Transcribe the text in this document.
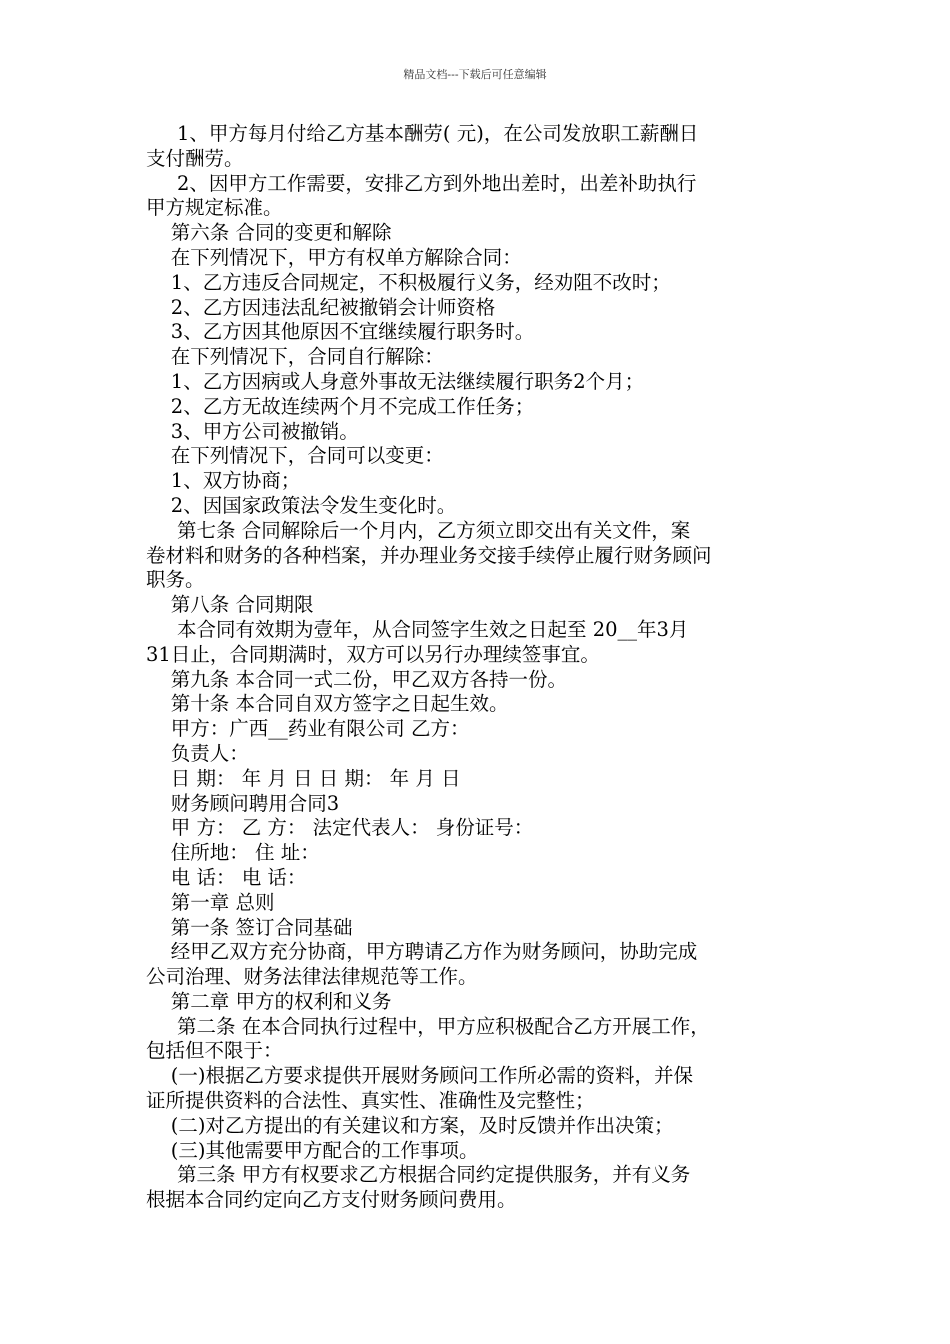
精品文档---下载后可任意编辑
1、甲方每月付给乙方基本酬劳( 元)，在公司发放职工薪酬日
支付酬劳。
2、因甲方工作需要，安排乙方到外地出差时，出差补助执行
甲方规定标准。
第六条 合同的变更和解除
在下列情况下，甲方有权单方解除合同：
1、乙方违反合同规定，不积极履行义务，经劝阻不改时；
2、乙方因违法乱纪被撤销会计师资格
3、乙方因其他原因不宜继续履行职务时。
在下列情况下，合同自行解除：
1、乙方因病或人身意外事故无法继续履行职务2个月；
2、乙方无故连续两个月不完成工作任务；
3、甲方公司被撤销。
在下列情况下，合同可以变更：
1、双方协商；
2、因国家政策法令发生变化时。
第七条 合同解除后一个月内，乙方须立即交出有关文件，案
卷材料和财务的各种档案，并办理业务交接手续停止履行财务顾问
职务。
第八条 合同期限
本合同有效期为壹年，从合同签字生效之日起至 20__年3月
31日止，合同期满时，双方可以另行办理续签事宜。
第九条 本合同一式二份，甲乙双方各持一份。
第十条 本合同自双方签字之日起生效。
甲方：广西__药业有限公司 乙方：
负责人：
日 期： 年 月 日 日 期： 年 月 日
财务顾问聘用合同3
甲 方： 乙 方： 法定代表人： 身份证号：
住所地： 住 址：
电 话： 电 话：
第一章 总则
第一条 签订合同基础
经甲乙双方充分协商，甲方聘请乙方作为财务顾问，协助完成
公司治理、财务法律法律规范等工作。
第二章 甲方的权利和义务
第二条 在本合同执行过程中，甲方应积极配合乙方开展工作，
包括但不限于：
(一)根据乙方要求提供开展财务顾问工作所必需的资料，并保
证所提供资料的合法性、真实性、准确性及完整性；
(二)对乙方提出的有关建议和方案，及时反馈并作出决策；
(三)其他需要甲方配合的工作事项。
第三条 甲方有权要求乙方根据合同约定提供服务，并有义务
根据本合同约定向乙方支付财务顾问费用。
